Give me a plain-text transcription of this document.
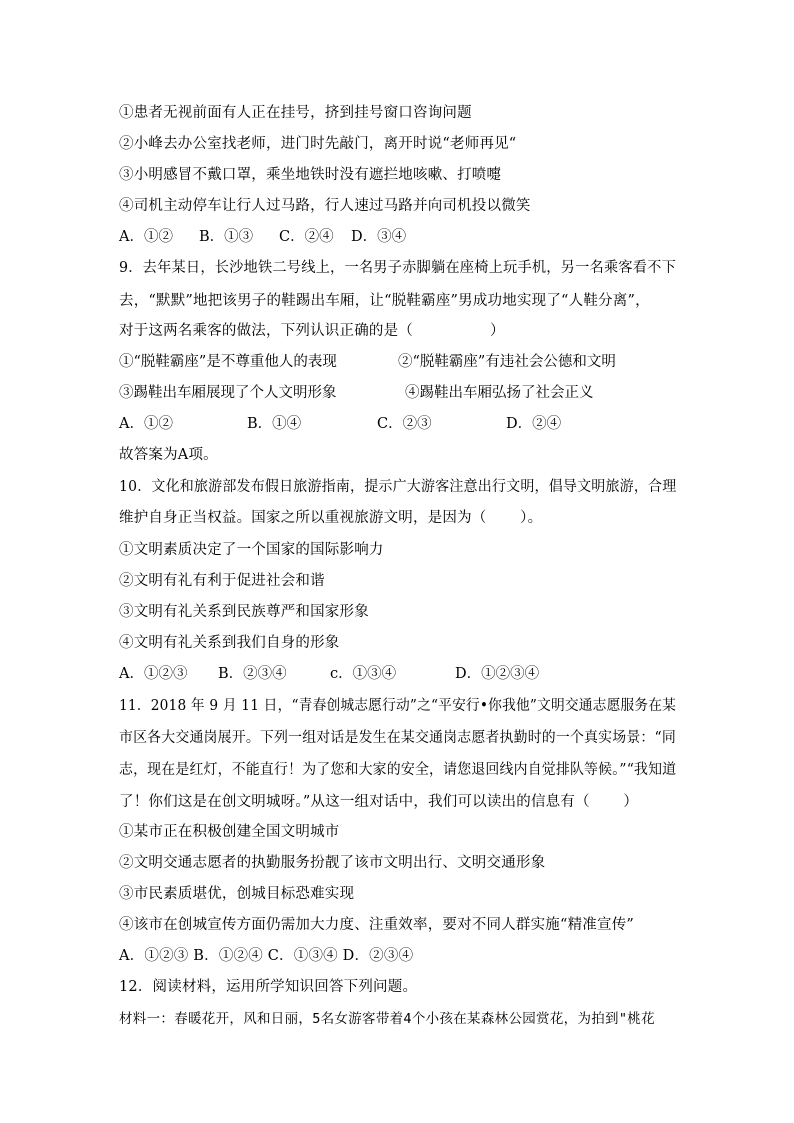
①患者无视前面有人正在挂号，挤到挂号窗口咨询问题
②小峰去办公室找老师，进门时先敲门，离开时说“老师再见“
③小明感冒不戴口罩，乘坐地铁时没有遮拦地咳嗽、打喷嚏
④司机主动停车让行人过马路，行人速过马路并向司机投以微笑

A．①②

B．①③

C．②④

D．③④

9．去年某日，长沙地铁二号线上，一名男子赤脚躺在座椅上玩手机，另一名乘客看不下
去，“默默”地把该男子的鞋踢出车厢，让“脱鞋霸座”男成功地实现了“人鞋分离”，
对于这两名乘客的做法，下列认识正确的是（                ）

①“脱鞋霸座”是不尊重他人的表现

	②“脱鞋霸座”有违社会公德和文明

③踢鞋出车厢展现了个人文明形象

	④踢鞋出车厢弘扬了社会正义

A．①②

	B．①④

	C．②③

	D．②④

故答案为A项。
10．文化和旅游部发布假日旅游指南，提示广大游客注意出行文明，倡导文明旅游，合理
维护自身正当权益。国家之所以重视旅游文明，是因为（       ）。
①文明素质决定了一个国家的国际影响力
②文明有礼有利于促进社会和谐
③文明有礼关系到民族尊严和国家形象
④文明有礼关系到我们自身的形象

A．①②③

B．②③④

	c．①③④

	D．①②③④

11．2018 年 9 月 11 日，“青春创城志愿行动”之“平安行•你我他”文明交通志愿服务在某
市区各大交通岗展开。下列一组对话是发生在某交通岗志愿者执勤时的一个真实场景：“同
志，现在是红灯，不能直行！为了您和大家的安全，请您退回线内自觉排队等候。”“我知道
了！你们这是在创文明城呀。”从这一组对话中，我们可以读出的信息有（       ）
①某市正在积极创建全国文明城市
②文明交通志愿者的执勤服务扮靓了该市文明出行、文明交通形象
③市民素质堪优，创城目标恐难实现
④该市在创城宣传方面仍需加大力度、注重效率，要对不同人群实施“精准宣传”
A．①②③ B．①②④ C．①③④ D．②③④
12．阅读材料，运用所学知识回答下列问题。
材料一：春暖花开，风和日丽，5名女游客带着4个小孩在某森林公园赏花，为拍到"桃花
